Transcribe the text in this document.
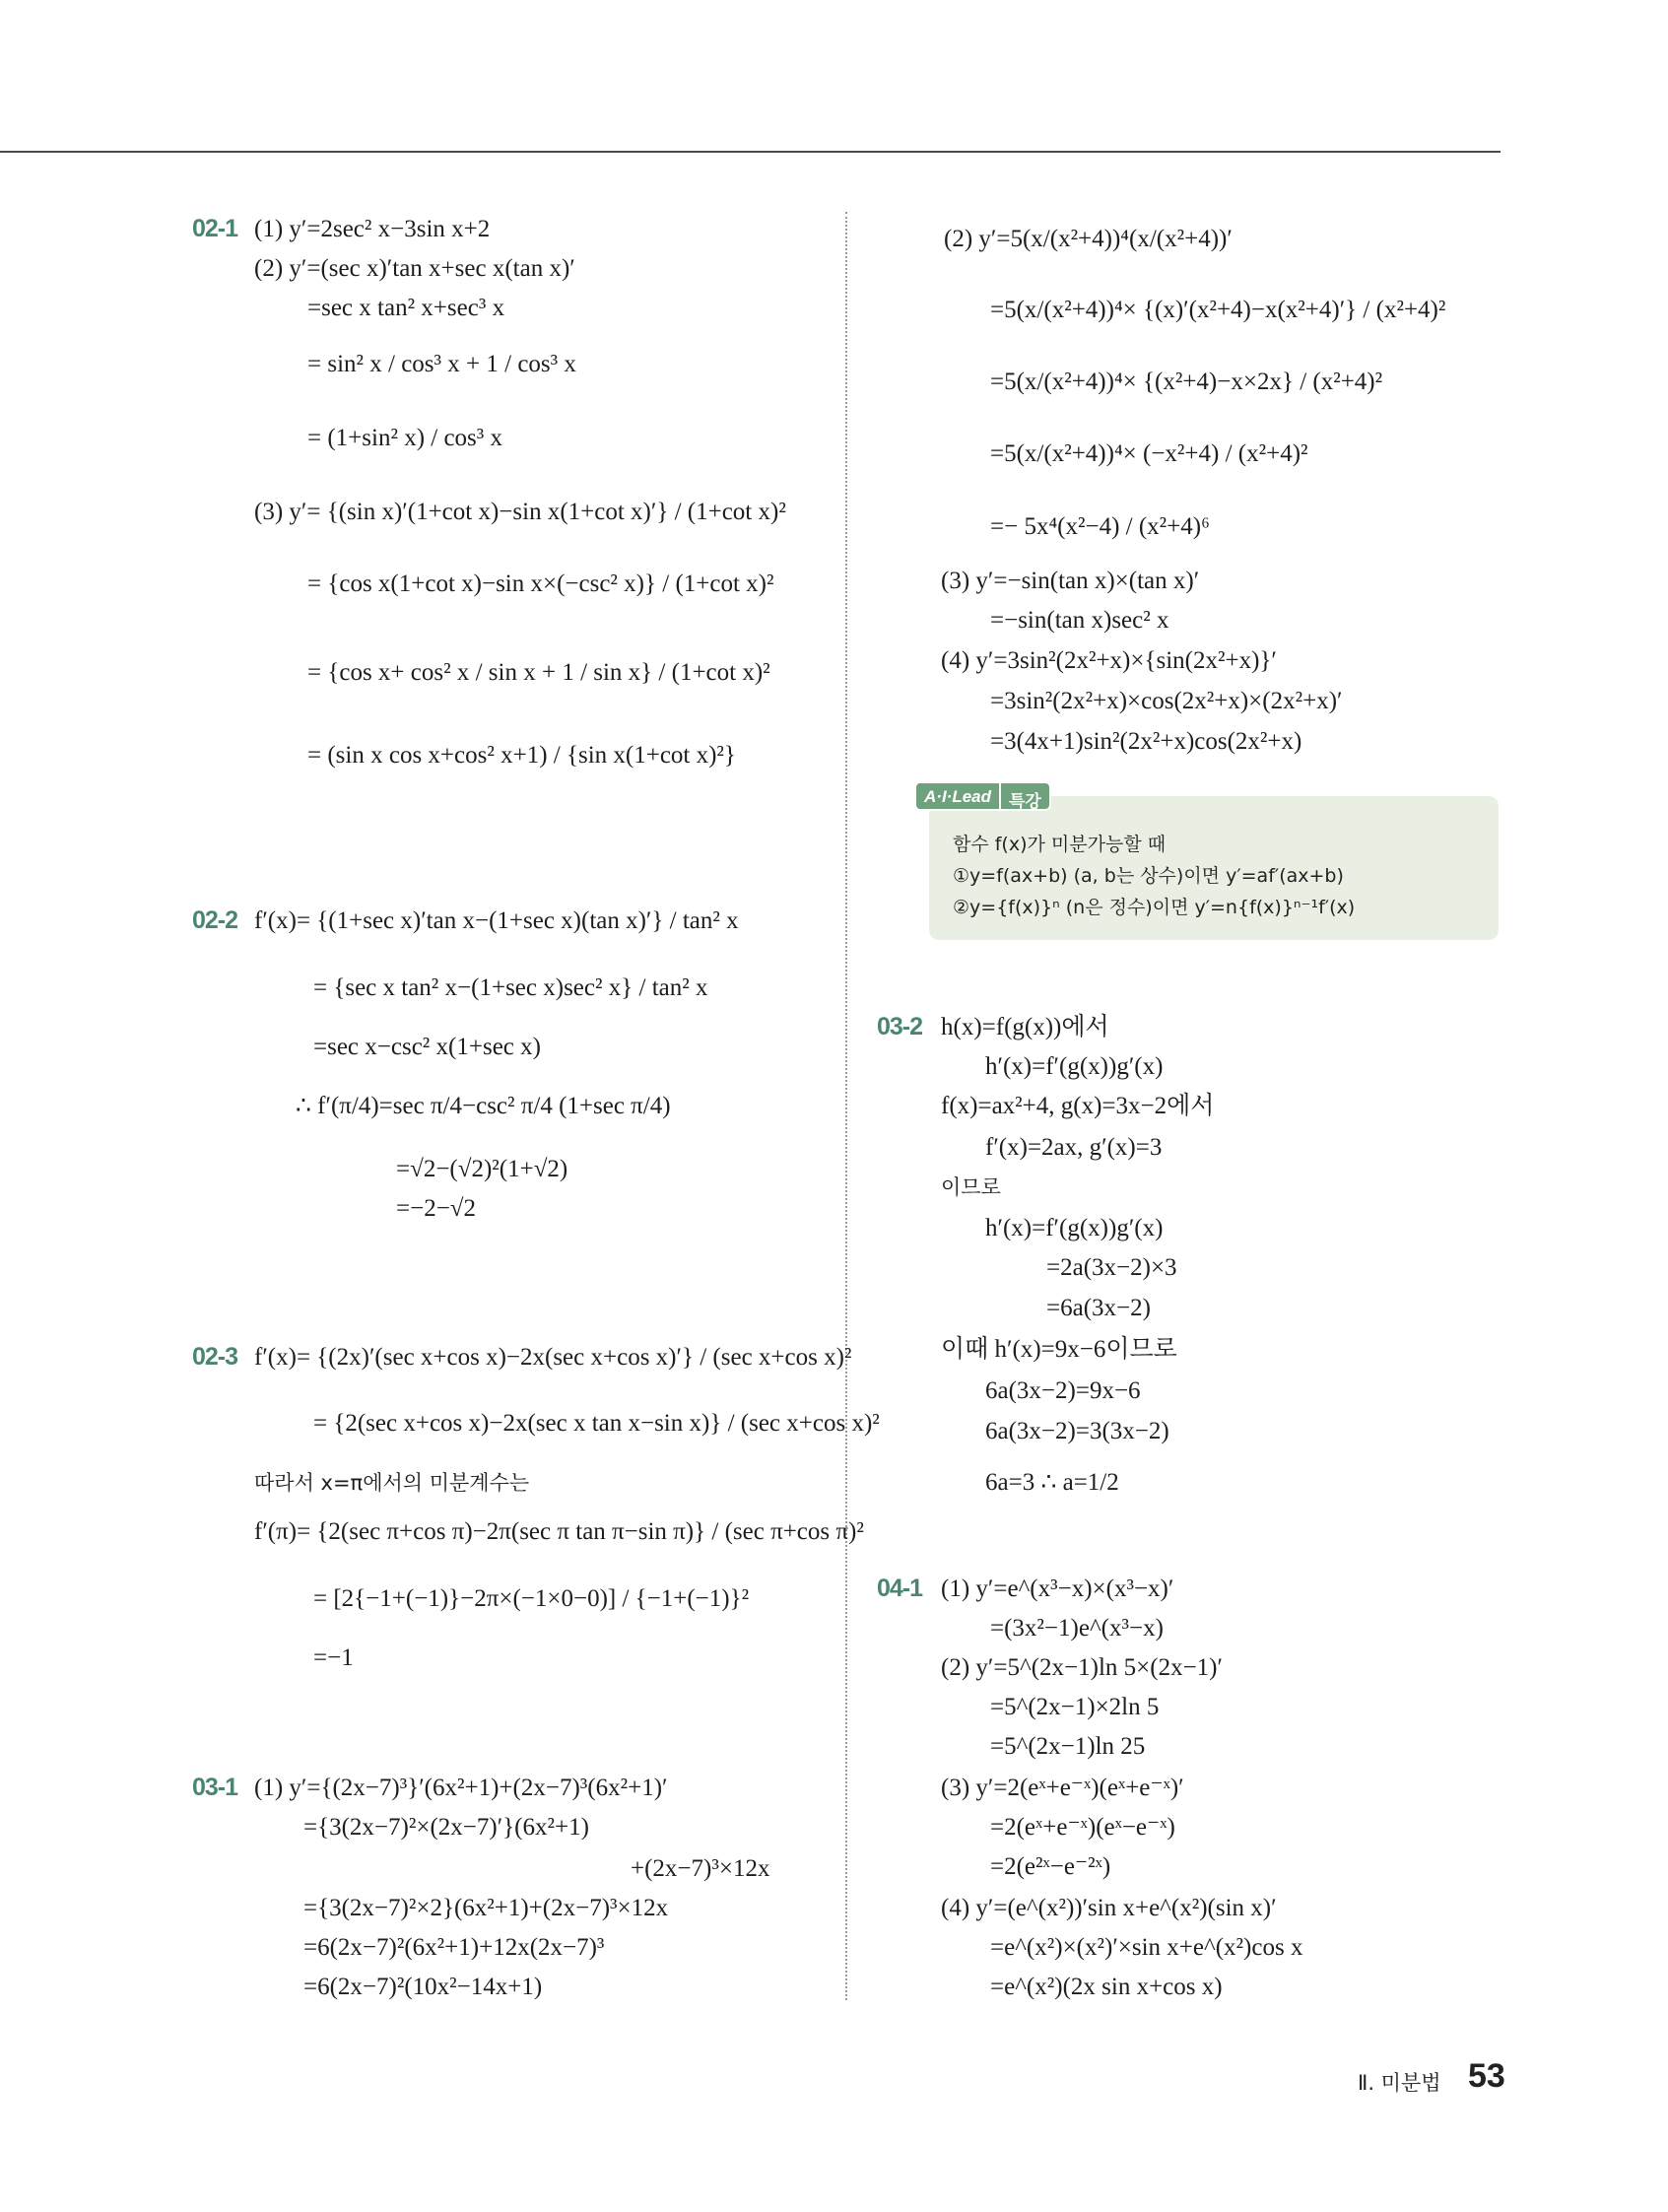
02-1 (1) y′=2sec² x−3sin x+2
(2) y′=(sec x)′tan x+sec x(tan x)′
=sec x tan² x+sec³ x
= sin² x / cos³ x + 1 / cos³ x
= (1+sin² x) / cos³ x
(3) y′= {(sin x)′(1+cot x)−sin x(1+cot x)′} / (1+cot x)²
= {cos x(1+cot x)−sin x×(−csc² x)} / (1+cot x)²
= {cos x+ cos² x / sin x + 1 / sin x} / (1+cot x)²
= (sin x cos x+cos² x+1) / {sin x(1+cot x)²}
02-2 f′(x)= {(1+sec x)′tan x−(1+sec x)(tan x)′} / tan² x
= {sec x tan² x−(1+sec x)sec² x} / tan² x
=sec x−csc² x(1+sec x)
∴ f′(π/4)=sec π/4−csc² π/4 (1+sec π/4)
=√2−(√2)²(1+√2)
=−2−√2
02-3 f′(x)= {(2x)′(sec x+cos x)−2x(sec x+cos x)′} / (sec x+cos x)²
= {2(sec x+cos x)−2x(sec x tan x−sin x)} / (sec x+cos x)²
따라서 x=π에서의 미분계수는
f′(π)= {2(sec π+cos π)−2π(sec π tan π−sin π)} / (sec π+cos π)²
= [2{−1+(−1)}−2π×(−1×0−0)] / {−1+(−1)}²
=−1
03-1 (1) y′={(2x−7)³}′(6x²+1)+(2x−7)³(6x²+1)′
={3(2x−7)²×(2x−7)′}(6x²+1)
+(2x−7)³×12x
={3(2x−7)²×2}(6x²+1)+(2x−7)³×12x
=6(2x−7)²(6x²+1)+12x(2x−7)³
=6(2x−7)²(10x²−14x+1)
(2) y′=5(x/(x²+4))⁴(x/(x²+4))′
=5(x/(x²+4))⁴× {(x)′(x²+4)−x(x²+4)′} / (x²+4)²
=5(x/(x²+4))⁴× {(x²+4)−x×2x} / (x²+4)²
=5(x/(x²+4))⁴× (−x²+4) / (x²+4)²
=− 5x⁴(x²−4) / (x²+4)⁶
(3) y′=−sin(tan x)×(tan x)′
=−sin(tan x)sec² x
(4) y′=3sin²(2x²+x)×{sin(2x²+x)}′
=3sin²(2x²+x)×cos(2x²+x)×(2x²+x)′
=3(4x+1)sin²(2x²+x)cos(2x²+x)
A·I·Lead	특강
함수 f(x)가 미분가능할 때
①y=f(ax+b) (a, b는 상수)이면 y′=af′(ax+b)
②y={f(x)}ⁿ (n은 정수)이면 y′=n{f(x)}ⁿ⁻¹f′(x)
03-2 h(x)=f(g(x))에서
h′(x)=f′(g(x))g′(x)
f(x)=ax²+4, g(x)=3x−2에서
f′(x)=2ax, g′(x)=3
이므로
h′(x)=f′(g(x))g′(x)
=2a(3x−2)×3
=6a(3x−2)
이때 h′(x)=9x−6이므로
6a(3x−2)=9x−6
6a(3x−2)=3(3x−2)
6a=3 ∴ a=1/2
04-1 (1) y′=e^(x³−x)×(x³−x)′
=(3x²−1)e^(x³−x)
(2) y′=5^(2x−1)ln 5×(2x−1)′
=5^(2x−1)×2ln 5
=5^(2x−1)ln 25
(3) y′=2(eˣ+e⁻ˣ)(eˣ+e⁻ˣ)′
=2(eˣ+e⁻ˣ)(eˣ−e⁻ˣ)
=2(e²ˣ−e⁻²ˣ)
(4) y′=(e^(x²))′sin x+e^(x²)(sin x)′
=e^(x²)×(x²)′×sin x+e^(x²)cos x
=e^(x²)(2x sin x+cos x)
Ⅱ. 미분법 53
